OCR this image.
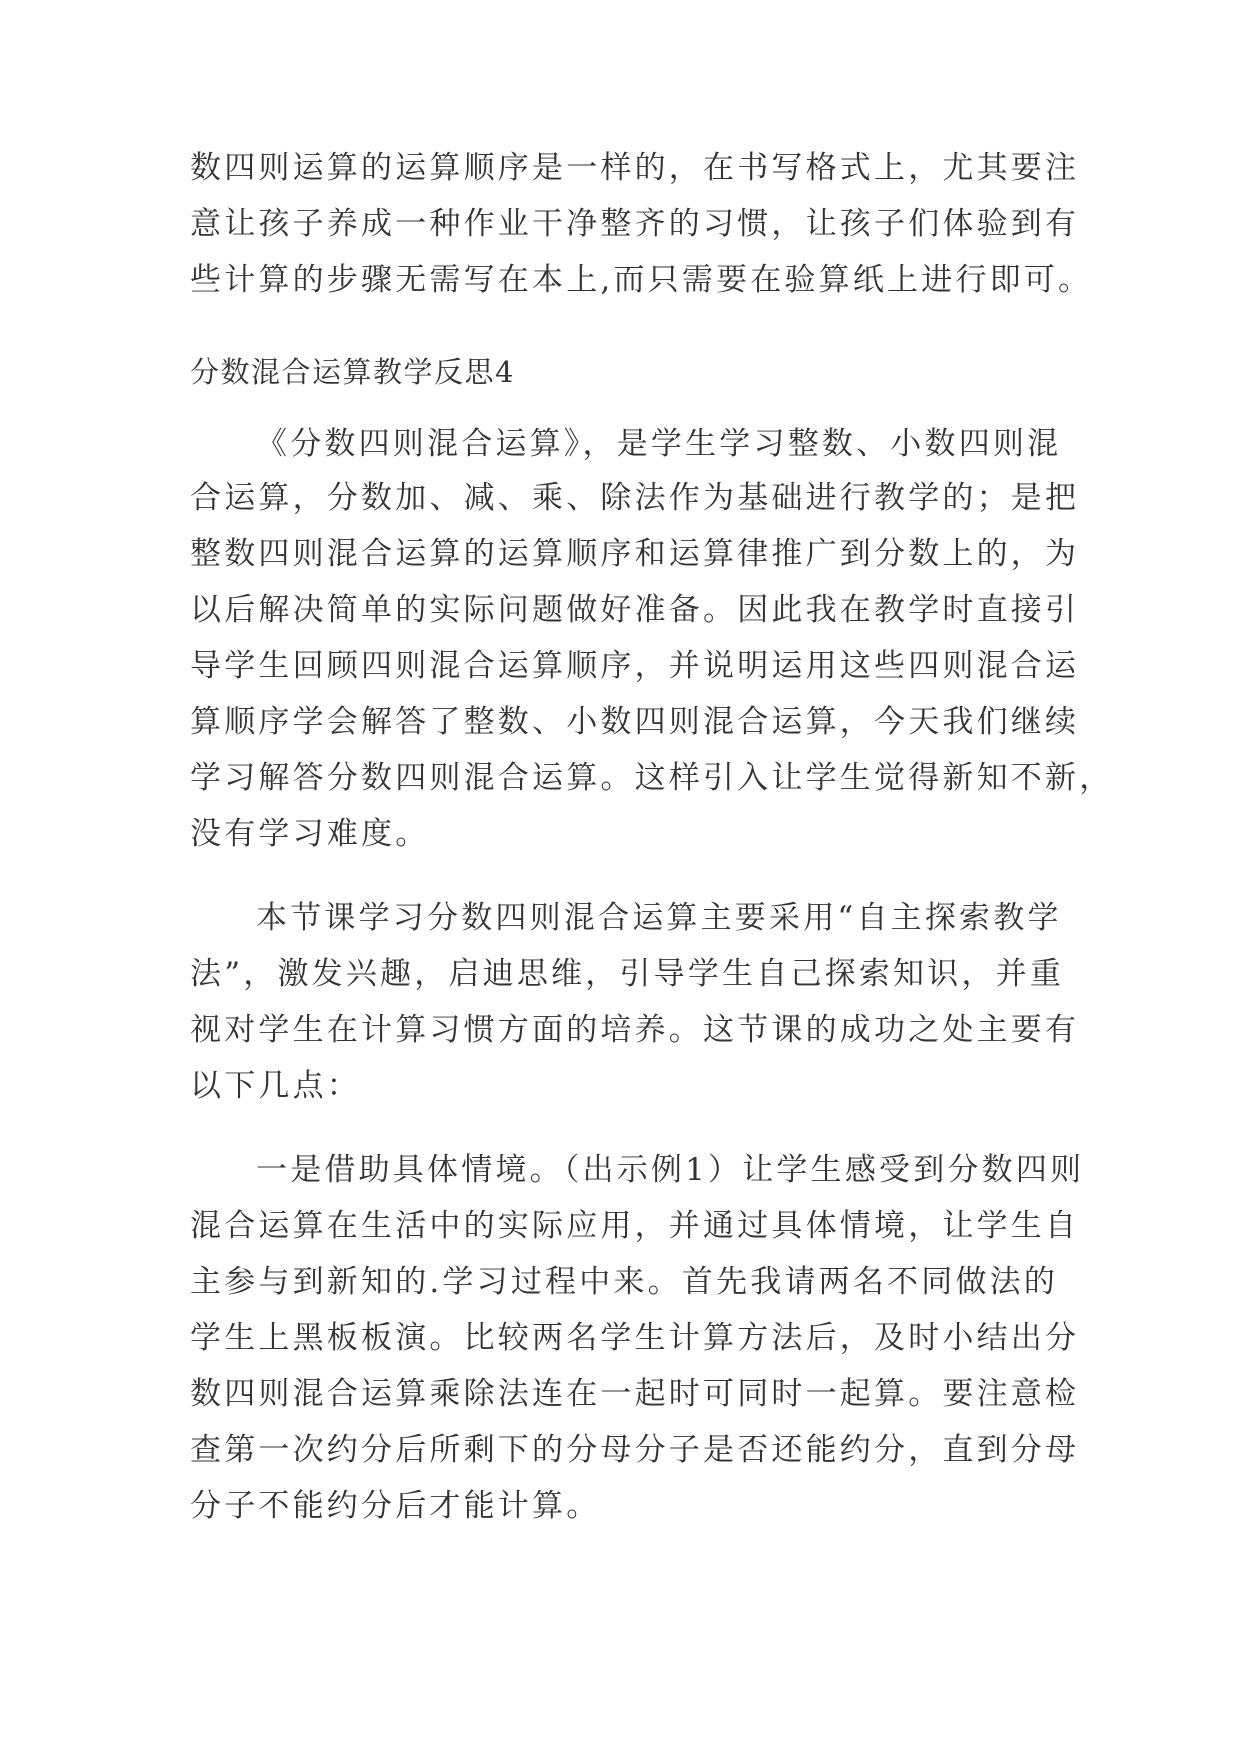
数四则运算的运算顺序是一样的，在书写格式上，尤其要注
意让孩子养成一种作业干净整齐的习惯，让孩子们体验到有
些计算的步骤无需写在本上,而只需要在验算纸上进行即可。
分数混合运算教学反思4
《分数四则混合运算》，是学生学习整数、小数四则混
合运算，分数加、减、乘、除法作为基础进行教学的；是把
整数四则混合运算的运算顺序和运算律推广到分数上的，为
以后解决简单的实际问题做好准备。因此我在教学时直接引
导学生回顾四则混合运算顺序，并说明运用这些四则混合运
算顺序学会解答了整数、小数四则混合运算，今天我们继续
学习解答分数四则混合运算。这样引入让学生觉得新知不新，
没有学习难度。
本节课学习分数四则混合运算主要采用“自主探索教学
法”，激发兴趣，启迪思维，引导学生自己探索知识，并重
视对学生在计算习惯方面的培养。这节课的成功之处主要有
以下几点：
一是借助具体情境。（出示例1）让学生感受到分数四则
混合运算在生活中的实际应用，并通过具体情境，让学生自
主参与到新知的.学习过程中来。首先我请两名不同做法的
学生上黑板板演。比较两名学生计算方法后，及时小结出分
数四则混合运算乘除法连在一起时可同时一起算。要注意检
查第一次约分后所剩下的分母分子是否还能约分，直到分母
分子不能约分后才能计算。
